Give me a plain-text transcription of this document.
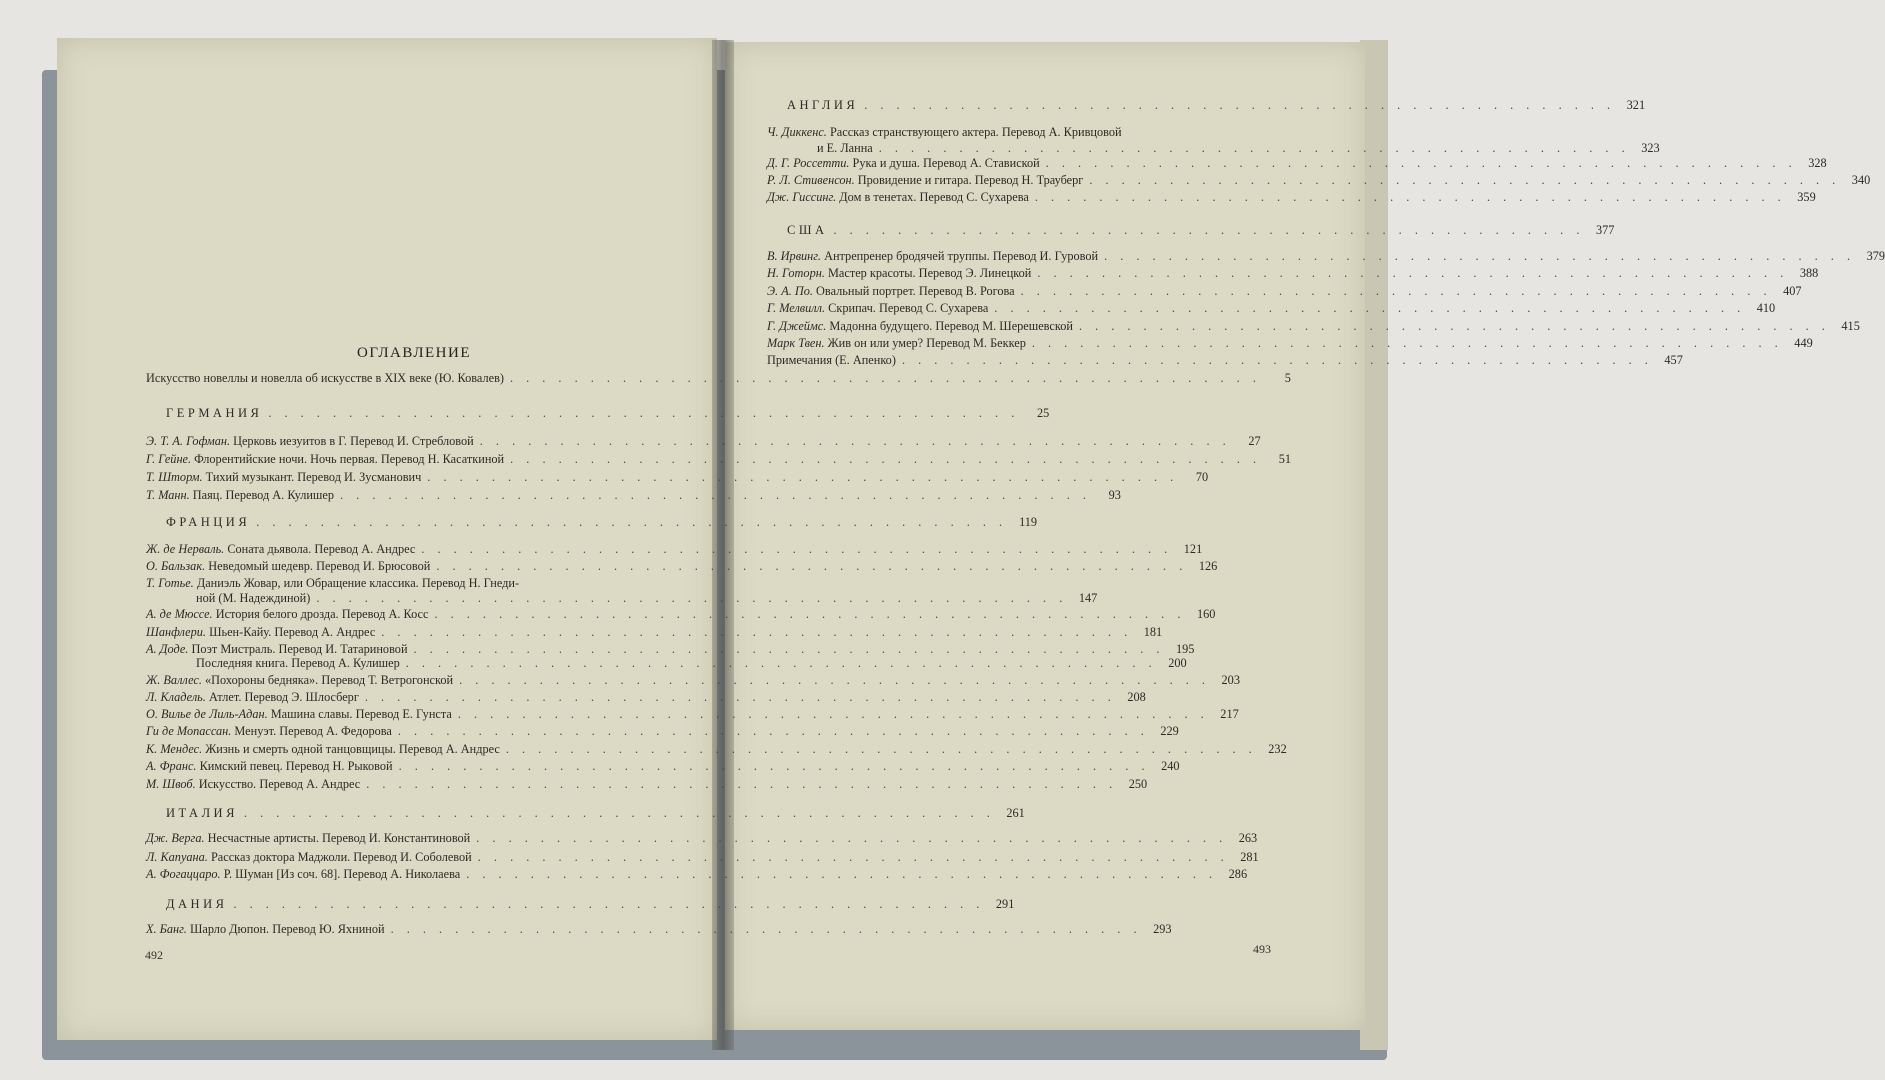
ОГЛАВЛЕНИЕ
Искусство новеллы и новелла об искусстве в XIX веке (Ю. Ковалев) . . .	5
ГЕРМАНИЯ . . .	25
Э. Т. А. Гофман. Церковь иезуитов в Г. Перевод И. Стребловой . . .	27
Г. Гейне. Флорентийские ночи. Ночь первая. Перевод Н. Касаткиной . . .	51
Т. Шторм. Тихий музыкант. Перевод И. Зусманович . . .	70
Т. Манн. Паяц. Перевод А. Кулишер . . .	93
ФРАНЦИЯ . . .	119
Ж. де Нерваль. Соната дьявола. Перевод А. Андрес . . .	121
О. Бальзак. Неведомый шедевр. Перевод И. Брюсовой . . .	126
Т. Готье. Даниэль Жовар, или Обращение классика. Перевод Н. Гнеди-
ной (М. Надеждиной) . . .	147
А. де Мюссе. История белого дрозда. Перевод А. Косс . . .	160
Шанфлери. Шьен-Кайу. Перевод А. Андрес . . .	181
А. Доде. Поэт Мистраль. Перевод И. Татариновой . . .	195
Последняя книга. Перевод А. Кулишер . . .	200
Ж. Валлес. «Похороны бедняка». Перевод Т. Ветрогонской . . .	203
Л. Кладель. Атлет. Перевод Э. Шлосберг . . .	208
О. Вилье де Лиль-Адан. Машина славы. Перевод Е. Гунста . . .	217
Ги де Мопассан. Менуэт. Перевод А. Федорова . . .	229
К. Мендес. Жизнь и смерть одной танцовщицы. Перевод А. Андрес . . .	232
А. Франс. Кимский певец. Перевод Н. Рыковой . . .	240
М. Швоб. Искусство. Перевод А. Андрес . . .	250
ИТАЛИЯ . . .	261
Дж. Верга. Несчастные артисты. Перевод И. Константиновой . . .	263
Л. Капуана. Рассказ доктора Маджоли. Перевод И. Соболевой . . .	281
А. Фогаццаро. Р. Шуман [Из соч. 68]. Перевод А. Николаева . . .	286
ДАНИЯ . . .	291
Х. Банг. Шарло Дюпон. Перевод Ю. Яхниной . . .	293
АНГЛИЯ . . .	321
Ч. Диккенс. Рассказ странствующего актера. Перевод А. Кривцовой
и Е. Ланна . . .	323
Д. Г. Россетти. Рука и душа. Перевод А. Ставиской . . .	328
Р. Л. Стивенсон. Провидение и гитара. Перевод Н. Трауберг . . .	340
Дж. Гиссинг. Дом в тенетах. Перевод С. Сухарева . . .	359
США . . .	377
В. Ирвинг. Антрепренер бродячей труппы. Перевод И. Гуровой . . .	379
Н. Готорн. Мастер красоты. Перевод Э. Линецкой . . .	388
Э. А. По. Овальный портрет. Перевод В. Рогова . . .	407
Г. Мелвилл. Скрипач. Перевод С. Сухарева . . .	410
Г. Джеймс. Мадонна будущего. Перевод М. Шерешевской . . .	415
Марк Твен. Жив он или умер? Перевод М. Беккер . . .	449
Примечания (Е. Апенко) . . .	457
492	493
